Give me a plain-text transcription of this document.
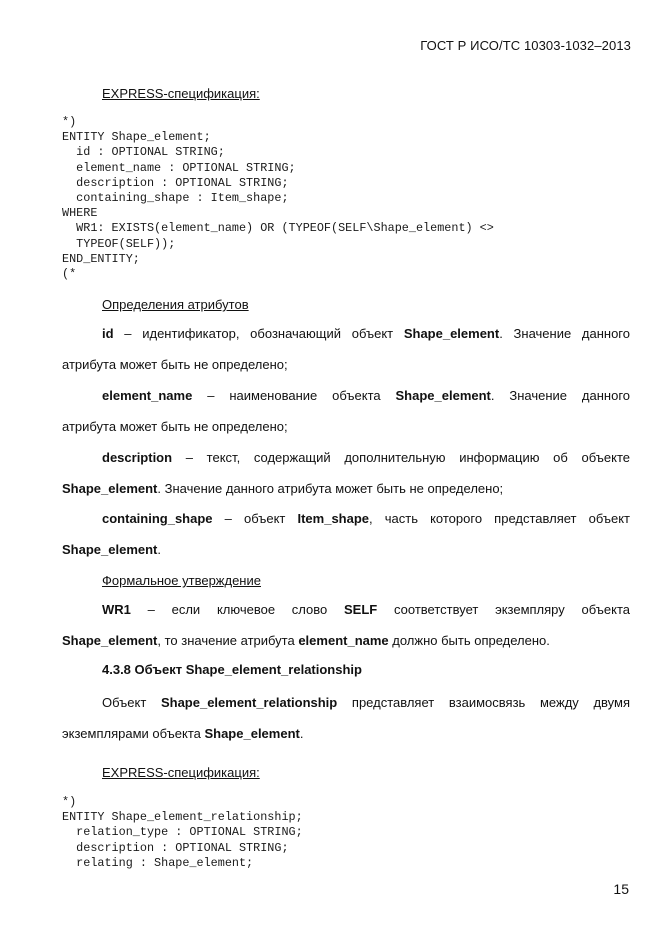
ГОСТ Р ИСО/ТС 10303-1032–2013
EXPRESS-спецификация:
*)
ENTITY Shape_element;
id : OPTIONAL STRING;
element_name : OPTIONAL STRING;
description : OPTIONAL STRING;
containing_shape : Item_shape;
WHERE
WR1: EXISTS(element_name) OR (TYPEOF(SELF\Shape_element) <>
TYPEOF(SELF));
END_ENTITY;
(*
Определения атрибутов
id – идентификатор, обозначающий объект Shape_element. Значение данного
атрибута может быть не определено;
element_name – наименование объекта Shape_element. Значение данного
атрибута может быть не определено;
description – текст, содержащий дополнительную информацию об объекте
Shape_element. Значение данного атрибута может быть не определено;
containing_shape – объект Item_shape, часть которого представляет объект
Shape_element.
Формальное утверждение
WR1 – если ключевое слово SELF соответствует экземпляру объекта
Shape_element, то значение атрибута element_name должно быть определено.
4.3.8 Объект Shape_element_relationship
Объект Shape_element_relationship представляет взаимосвязь между двумя
экземплярами объекта Shape_element.
EXPRESS-спецификация:
*)
ENTITY Shape_element_relationship;
relation_type : OPTIONAL STRING;
description : OPTIONAL STRING;
relating : Shape_element;
15
